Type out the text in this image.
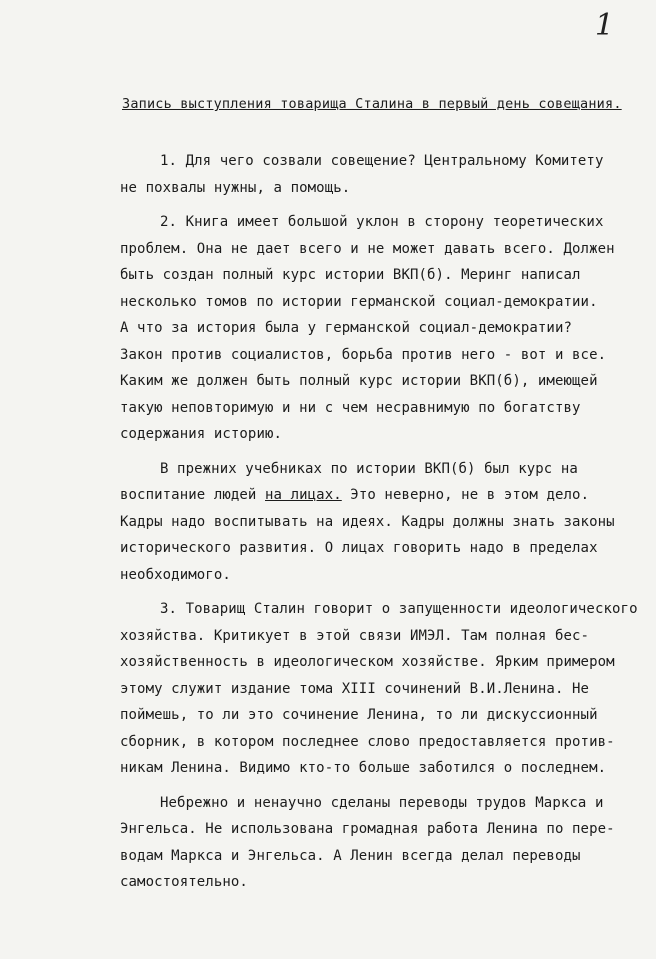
1
Запись выступления товарища Сталина в первый день совещания.
1. Для чего созвали совещение? Центральному Комитету
не похвалы нужны, а помощь.
2. Книга имеет большой уклон в сторону теоретических
проблем. Она не дает всего и не может давать всего. Должен
быть создан полный курс истории ВКП(б). Меринг написал
несколько томов по истории германской социал-демократии.
А что за история была у германской социал-демократии?
Закон против социалистов, борьба против него - вот и все.
Каким же должен быть полный курс истории ВКП(б), имеющей
такую неповторимую и ни с чем несравнимую по богатству
содержания историю.
В прежних учебниках по истории ВКП(б) был курс на
воспитание людей на лицах. Это неверно, не в этом дело.
Кадры надо воспитывать на идеях. Кадры должны знать законы
исторического развития. О лицах говорить надо в пределах
необходимого.
3. Товарищ Сталин говорит о запущенности идеологического
хозяйства. Критикует в этой связи ИМЭЛ. Там полная бес-
хозяйственность в идеологическом хозяйстве. Ярким примером
этому служит издание тома XIII сочинений В.И.Ленина. Не
поймешь, то ли это сочинение Ленина, то ли дискуссионный
сборник, в котором последнее слово предоставляется против-
никам Ленина. Видимо кто-то больше заботился о последнем.
Небрежно и ненаучно сделаны переводы трудов Маркса и
Энгельса. Не использована громадная работа Ленина по пере-
водам Маркса и Энгельса. А Ленин всегда делал переводы
самостоятельно.
